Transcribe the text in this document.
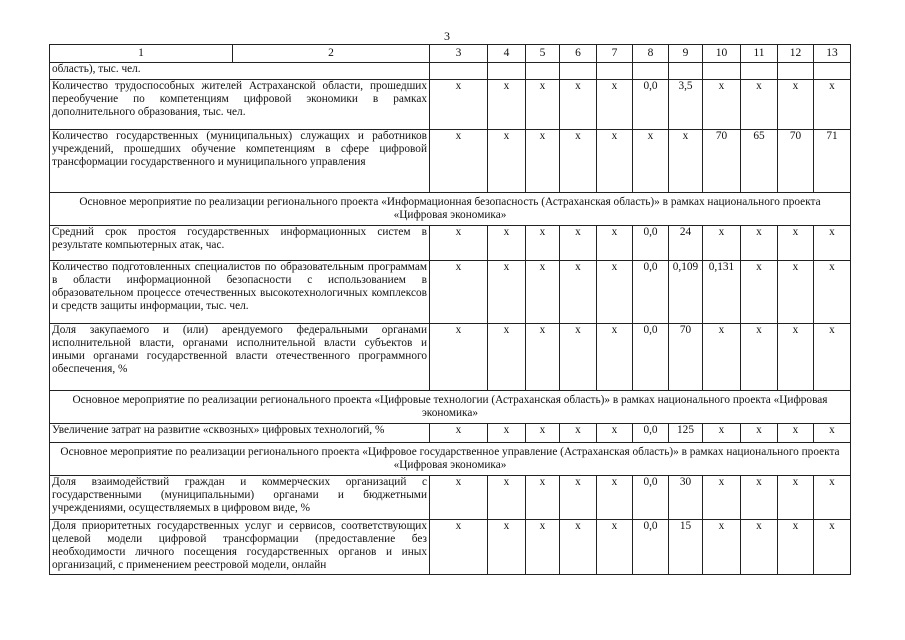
3
1	2	3	4	5	6	7	8	9	10	11	12	13
область), тыс. чел.												
Количество трудоспособных жителей Астраханской области, прошедших переобучение по компетенциям цифровой экономики в рамках дополнительного образования, тыс. чел.		х	х	х	х	х	0,0	3,5	х	х	х	х
Количество государственных (муниципальных) служащих и работников учреждений, прошедших обучение компетенциям в сфере цифровой трансформации государственного и муниципального управления		х	х	х	х	х	х	х	70	65	70	71
Основное мероприятие по реализации регионального проекта «Информационная безопасность (Астраханская область)» в рамках национального проекта «Цифровая экономика»												
Средний срок простоя государственных информационных систем в результате компьютерных атак, час.		х	х	х	х	х	0,0	24	х	х	х	х
Количество подготовленных специалистов по образовательным программам в области информационной безопасности с использованием в образовательном процессе отечественных высокотехнологичных комплексов и средств защиты информации, тыс. чел.		х	х	х	х	х	0,0	0,109	0,131	х	х	х
Доля закупаемого и (или) арендуемого федеральными органами исполнительной власти, органами исполнительной власти субъектов и иными органами государственной власти отечественного программного обеспечения, %		х	х	х	х	х	0,0	70	х	х	х	х
Основное мероприятие по реализации регионального проекта «Цифровые технологии (Астраханская область)» в рамках национального проекта «Цифровая экономика»												
Увеличение затрат на развитие «сквозных» цифровых технологий, %		х	х	х	х	х	0,0	125	х	х	х	х
Основное мероприятие по реализации регионального проекта «Цифровое государственное управление (Астраханская область)» в рамках национального проекта «Цифровая экономика»												
Доля взаимодействий граждан и коммерческих организаций с государственными (муниципальными) органами и бюджетными учреждениями, осуществляемых в цифровом виде, %		х	х	х	х	х	0,0	30	х	х	х	х
Доля приоритетных государственных услуг и сервисов, соответствующих целевой модели цифровой трансформации (предоставление без необходимости личного посещения государственных органов и иных организаций, с применением реестровой модели, онлайн		х	х	х	х	х	0,0	15	х	х	х	х
